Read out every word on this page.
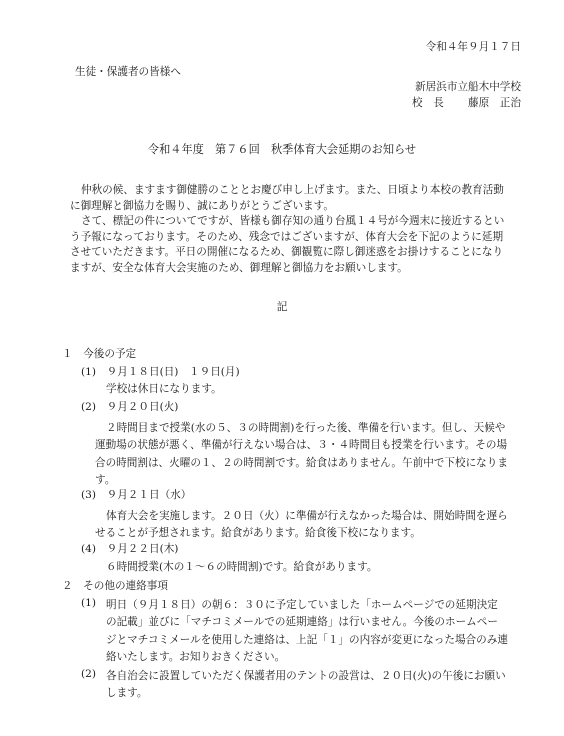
令和４年９月１７日
生徒・保護者の皆様へ
新居浜市立船木中学校
校　長 藤原　正治
令和４年度　第７６回　秋季体育大会延期のお知らせ
仲秋の候、ますます御健勝のこととお慶び申し上げます。また、日頃より本校の教育活動に御理解と御協力を賜り、誠にありがとうございます。
さて、標記の件についてですが、皆様も御存知の通り台風１４号が今週末に接近するという予報になっております。そのため、残念ではございますが、体育大会を下記のように延期させていただきます。平日の開催になるため、御観覧に際し御迷惑をお掛けすることになりますが、安全な体育大会実施のため、御理解と御協力をお願いします。
記
１　今後の予定
(1)　９月１８日(日)　１９日(月)
学校は休日になります。
(2)　９月２０日(火)
２時間目まで授業(水の５、３の時間割)を行った後、準備を行います。但し、天候や運動場の状態が悪く、準備が行えない場合は、３・４時間目も授業を行います。その場合の時間割は、火曜の１、２の時間割です。給食はありません。午前中で下校になります。
(3)　９月２１日（水）
体育大会を実施します。２０日（火）に準備が行えなかった場合は、開始時間を遅らせることが予想されます。給食があります。給食後下校になります。
(4)　９月２２日(木)
６時間授業(木の１～６の時間割)です。給食があります。
２　その他の連絡事項
(1) 明日（９月１８日）の朝６：３０に予定していました「ホームページでの延期決定の記載」並びに「マチコミメールでの延期連絡」は行いません。今後のホームページとマチコミメールを使用した連絡は、上記「１」の内容が変更になった場合のみ連絡いたします。お知りおきください。
(2) 各自治会に設置していただく保護者用のテントの設営は、２０日(火)の午後にお願いします。
